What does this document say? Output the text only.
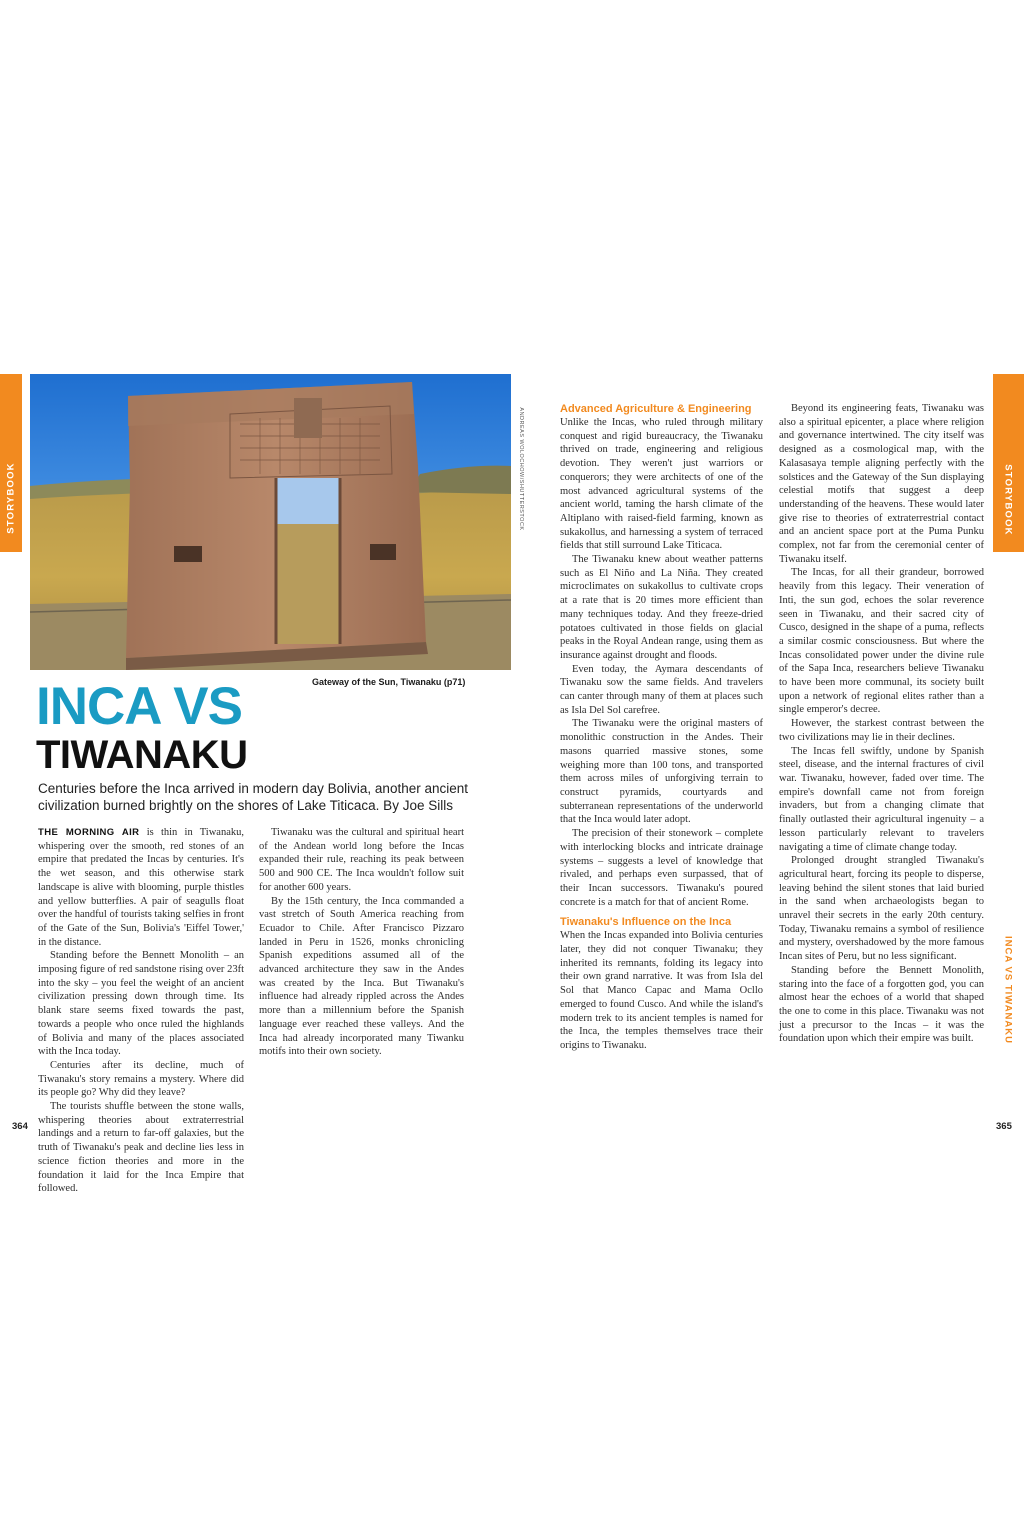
STORYBOOK	STORYBOOK
INCA VS TIWANAKU
ANDREAS WOLOCHOW/SHUTTERSTOCK
Gateway of the Sun, Tiwanaku (p71)
INCA VS
TIWANAKU
Centuries before the Inca arrived in modern day Bolivia, another ancient civilization burned brightly on the shores of Lake Titicaca. By Joe Sills

THE MORNING AIR is thin in Tiwanaku, whispering over the smooth, red stones of an empire that predated the Incas by centuries. It's the wet season, and this otherwise stark landscape is alive with blooming, purple thistles and yellow butterflies. A pair of seagulls float over the handful of tourists taking selfies in front of the Gate of the Sun, Bolivia's 'Eiffel Tower,' in the distance.

Standing before the Bennett Monolith – an imposing figure of red sandstone rising over 23ft into the sky – you feel the weight of an ancient civilization pressing down through time. Its blank stare seems fixed towards the past, towards a people who once ruled the highlands of Bolivia and many of the places associated with the Inca today.

Centuries after its decline, much of Tiwanaku's story remains a mystery. Where did its people go? Why did they leave?

The tourists shuffle between the stone walls, whispering theories about extraterrestrial landings and a return to far-off galaxies, but the truth of Tiwanaku's peak and decline lies less in science fiction theories and more in the foundation it laid for the Inca Empire that followed.

Tiwanaku was the cultural and spiritual heart of the Andean world long before the Incas expanded their rule, reaching its peak between 500 and 900 CE. The Inca wouldn't follow suit for another 600 years.

By the 15th century, the Inca commanded a vast stretch of South America reaching from Ecuador to Chile. After Francisco Pizzaro landed in Peru in 1526, monks chronicling Spanish expeditions assumed all of the advanced architecture they saw in the Andes was created by the Inca. But Tiwanaku's influence had already rippled across the Andes more than a millennium before the Spanish language ever reached these valleys. And the Inca had already incorporated many Tiwanku motifs into their own society.

Advanced Agriculture & Engineering

Unlike the Incas, who ruled through military conquest and rigid bureaucracy, the Tiwanaku thrived on trade, engineering and religious devotion. They weren't just warriors or conquerors; they were architects of one of the most advanced agricultural systems of the ancient world, taming the harsh climate of the Altiplano with raised-field farming, known as sukakollus, and harnessing a system of terraced fields that still surround Lake Titicaca.

The Tiwanaku knew about weather patterns such as El Niño and La Niña. They created microclimates on sukakollus to cultivate crops at a rate that is 20 times more efficient than many techniques today. And they freeze-dried potatoes cultivated in those fields on glacial peaks in the Royal Andean range, using them as insurance against drought and floods.

Even today, the Aymara descendants of Tiwanaku sow the same fields. And travelers can canter through many of them at places such as Isla Del Sol carefree.

The Tiwanaku were the original masters of monolithic construction in the Andes. Their masons quarried massive stones, some weighing more than 100 tons, and transported them across miles of unforgiving terrain to construct pyramids, courtyards and subterranean representations of the underworld that the Inca would later adopt.

The precision of their stonework – complete with interlocking blocks and intricate drainage systems – suggests a level of knowledge that rivaled, and perhaps even surpassed, that of their Incan successors. Tiwanaku's poured concrete is a match for that of ancient Rome.

Tiwanaku's Influence on the Inca

When the Incas expanded into Bolivia centuries later, they did not conquer Tiwanaku; they inherited its remnants, folding its legacy into their own grand narrative. It was from Isla del Sol that Manco Capac and Mama Ocllo emerged to found Cusco. And while the island's modern trek to its ancient temples is named for the Inca, the temples themselves trace their origins to Tiwanaku.

Beyond its engineering feats, Tiwanaku was also a spiritual epicenter, a place where religion and governance intertwined. The city itself was designed as a cosmological map, with the Kalasasaya temple aligning perfectly with the solstices and the Gateway of the Sun displaying celestial motifs that suggest a deep understanding of the heavens. These would later give rise to theories of extraterrestrial contact and an ancient space port at the Puma Punku complex, not far from the ceremonial center of Tiwanaku itself.

The Incas, for all their grandeur, borrowed heavily from this legacy. Their veneration of Inti, the sun god, echoes the solar reverence seen in Tiwanaku, and their sacred city of Cusco, designed in the shape of a puma, reflects a similar cosmic consciousness. But where the Incas consolidated power under the divine rule of the Sapa Inca, researchers believe Tiwanaku to have been more communal, its society built upon a network of regional elites rather than a single emperor's decree.

However, the starkest contrast between the two civilizations may lie in their declines.

The Incas fell swiftly, undone by Spanish steel, disease, and the internal fractures of civil war. Tiwanaku, however, faded over time. The empire's downfall came not from foreign invaders, but from a changing climate that finally outlasted their agricultural ingenuity – a lesson particularly relevant to travelers navigating a time of climate change today.

Prolonged drought strangled Tiwanaku's agricultural heart, forcing its people to disperse, leaving behind the silent stones that laid buried in the sand when archaeologists began to unravel their secrets in the early 20th century. Today, Tiwanaku remains a symbol of resilience and mystery, overshadowed by the more famous Incan sites of Peru, but no less significant.

Standing before the Bennett Monolith, staring into the face of a forgotten god, you can almost hear the echoes of a world that shaped the one to come in this place. Tiwanaku was not just a precursor to the Incas – it was the foundation upon which their empire was built.

364	365
